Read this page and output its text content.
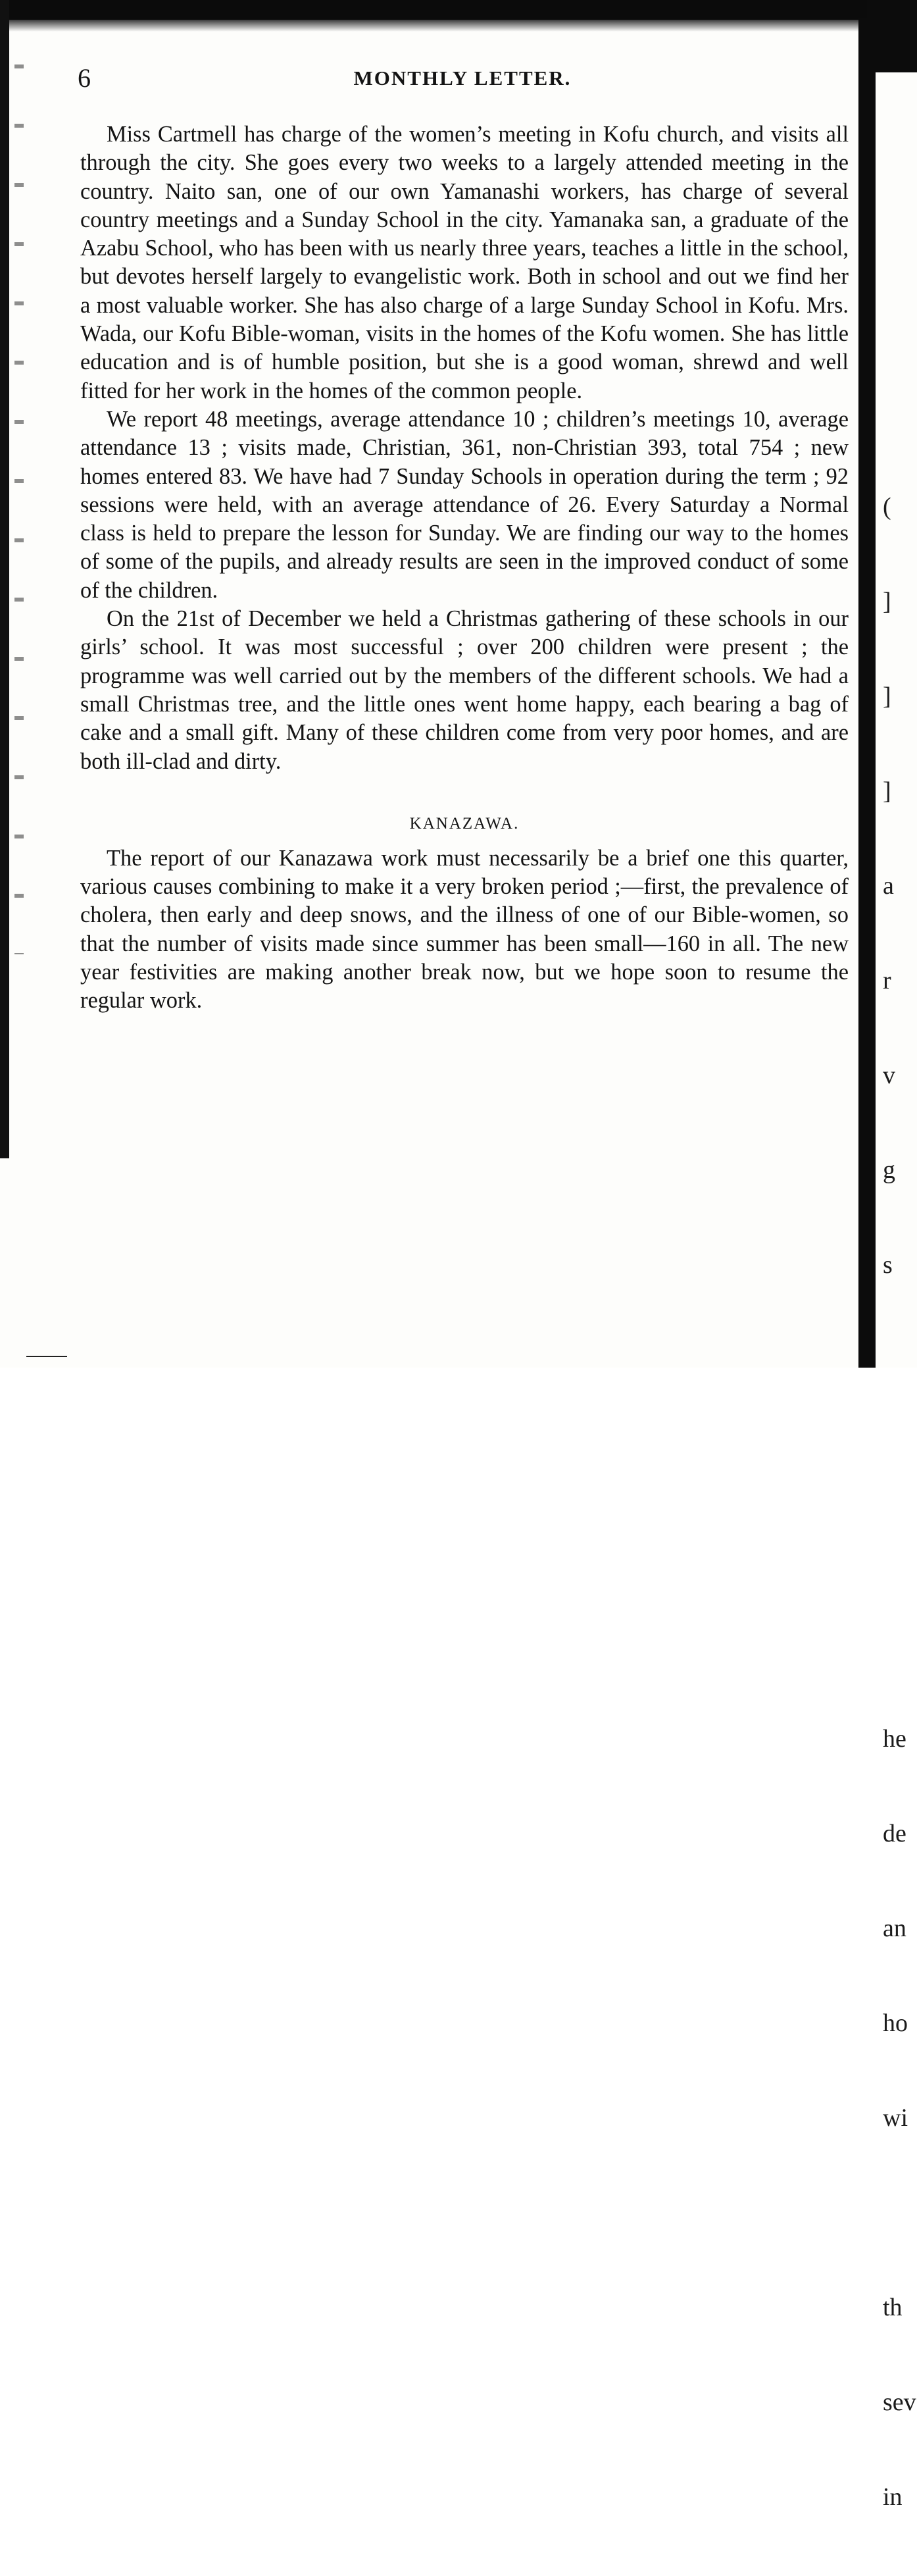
(

]

]

]

a

r

v

g

s

he

de

an

ho

wi

th

sev

in

6	MONTHLY LETTER.

Miss Cartmell has charge of the women’s meeting in Kofu church, and visits all through the city. She goes every two weeks to a largely attended meeting in the country. Naito san, one of our own Yamanashi workers, has charge of several country meetings and a Sunday School in the city. Yamanaka san, a graduate of the Azabu School, who has been with us nearly three years, teaches a little in the school, but devotes herself largely to evangelistic work. Both in school and out we find her a most valuable worker. She has also charge of a large Sunday School in Kofu. Mrs. Wada, our Kofu Bible-woman, visits in the homes of the Kofu women. She has little education and is of humble position, but she is a good woman, shrewd and well fitted for her work in the homes of the common people.

We report 48 meetings, average attendance 10 ; children’s meetings 10, average attendance 13 ; visits made, Christian, 361, non-Christian 393, total 754 ; new homes entered 83. We have had 7 Sunday Schools in operation during the term ; 92 sessions were held, with an average attendance of 26. Every Saturday a Normal class is held to prepare the lesson for Sunday. We are finding our way to the homes of some of the pupils, and already results are seen in the improved conduct of some of the children.

On the 21st of December we held a Christmas gathering of these schools in our girls’ school. It was most successful ; over 200 children were present ; the programme was well carried out by the members of the different schools. We had a small Christmas tree, and the little ones went home happy, each bearing a bag of cake and a small gift. Many of these children come from very poor homes, and are both ill-clad and dirty.

KANAZAWA.

The report of our Kanazawa work must necessarily be a brief one this quarter, various causes combining to make it a very broken period ;—first, the prevalence of cholera, then early and deep snows, and the illness of one of our Bible-women, so that the number of visits made since summer has been small—160 in all. The new year festivities are making another break now, but we hope soon to resume the regular work.
